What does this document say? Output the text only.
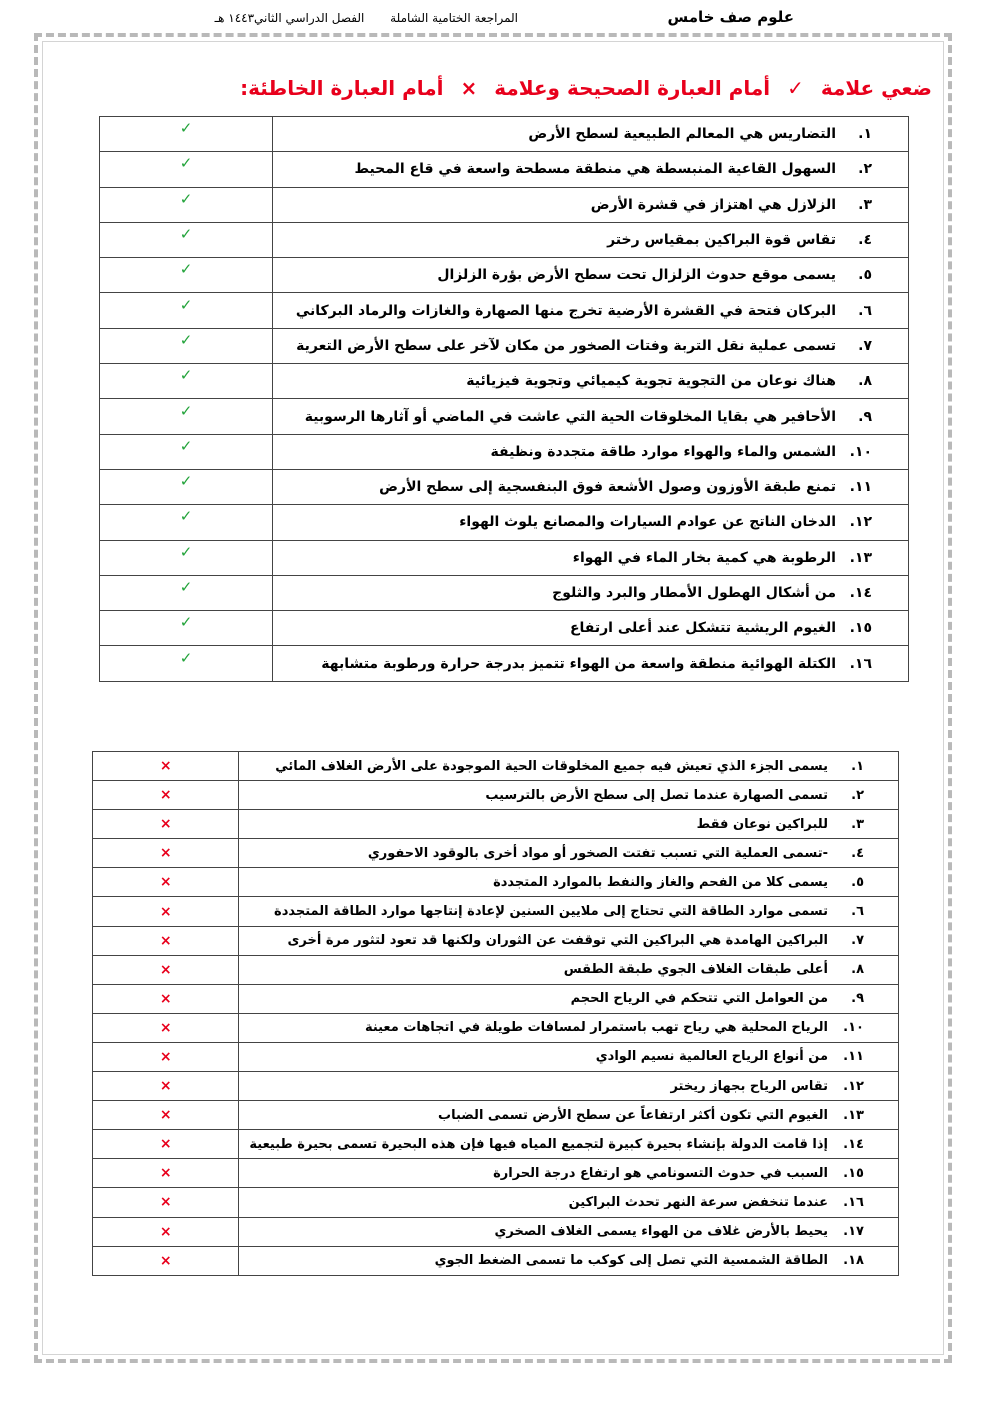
علوم صف خامس
المراجعة الختامية الشاملة الفصل الدراسي الثاني١٤٤٣ هـ
ضعي علامة ✓ أمام العبارة الصحيحة وعلامة × أمام العبارة الخاطئة:
١.التضاريس هي المعالم الطبيعية لسطح الأرض	✓
٢.السهول القاعية المنبسطة هي منطقة مسطحة واسعة في قاع المحيط	✓
٣.الزلازل هي اهتزاز في قشرة الأرض	✓
٤.تقاس قوة البراكين بمقياس رختر	✓
٥.يسمى موقع حدوث الزلزال تحت سطح الأرض بؤرة الزلزال	✓
٦.البركان فتحة في القشرة الأرضية تخرج منها الصهارة والغازات والرماد البركاني	✓
٧.تسمى عملية نقل التربة وفتات الصخور من مكان لآخر على سطح الأرض التعرية	✓
٨.هناك نوعان من التجوية تجوية كيميائي وتجوية فيزيائية	✓
٩.الأحافير هي بقايا المخلوقات الحية التي عاشت في الماضي أو آثارها الرسوبية	✓
١٠.الشمس والماء والهواء موارد طاقة متجددة ونظيفة	✓
١١.تمنع طبقة الأوزون وصول الأشعة فوق البنفسجية إلى سطح الأرض	✓
١٢.الدخان الناتج عن عوادم السيارات والمصانع يلوث الهواء	✓
١٣.الرطوبة هي كمية بخار الماء في الهواء	✓
١٤.من أشكال الهطول الأمطار والبرد والثلوج	✓
١٥.الغيوم الريشية تتشكل عند أعلى ارتفاع	✓
١٦.الكتلة الهوائية منطقة واسعة من الهواء تتميز بدرجة حرارة ورطوبة متشابهة	✓
١.يسمى الجزء الذي تعيش فيه جميع المخلوقات الحية الموجودة على الأرض الغلاف المائي	×
٢.تسمى الصهارة عندما تصل إلى سطح الأرض بالترسيب	×
٣.للبراكين نوعان فقط	×
٤.-تسمى العملية التي تسبب تفتت الصخور أو مواد أخرى بالوقود الاحفوري	×
٥.يسمى كلا من الفحم والغاز والنفط بالموارد المتجددة	×
٦.تسمى موارد الطاقة التي تحتاج إلى ملايين السنين لإعادة إنتاجها موارد الطاقة المتجددة	×
٧.البراكين الهامدة هي البراكين التي توقفت عن الثوران ولكنها قد تعود لتثور مرة أخرى	×
٨.أعلى طبقات الغلاف الجوي طبقة الطقس	×
٩.من العوامل التي تتحكم في الرياح الحجم	×
١٠.الرياح المحلية هي رياح تهب باستمرار لمسافات طويلة في اتجاهات معينة	×
١١.من أنواع الرياح العالمية نسيم الوادي	×
١٢.تقاس الرياح بجهاز ريختر	×
١٣.الغيوم التي تكون أكثر ارتفاعاً عن سطح الأرض تسمى الضباب	×
١٤.إذا قامت الدولة بإنشاء بحيرة كبيرة لتجميع المياه فيها فإن هذه البحيرة تسمى بحيرة طبيعية	×
١٥.السبب في حدوث التسونامي هو ارتفاع درجة الحرارة	×
١٦.عندما تنخفض سرعة النهر تحدث البراكين	×
١٧.يحيط بالأرض غلاف من الهواء يسمى الغلاف الصخري	×
١٨.الطاقة الشمسية التي تصل إلى كوكب ما تسمى الضغط الجوي	×
